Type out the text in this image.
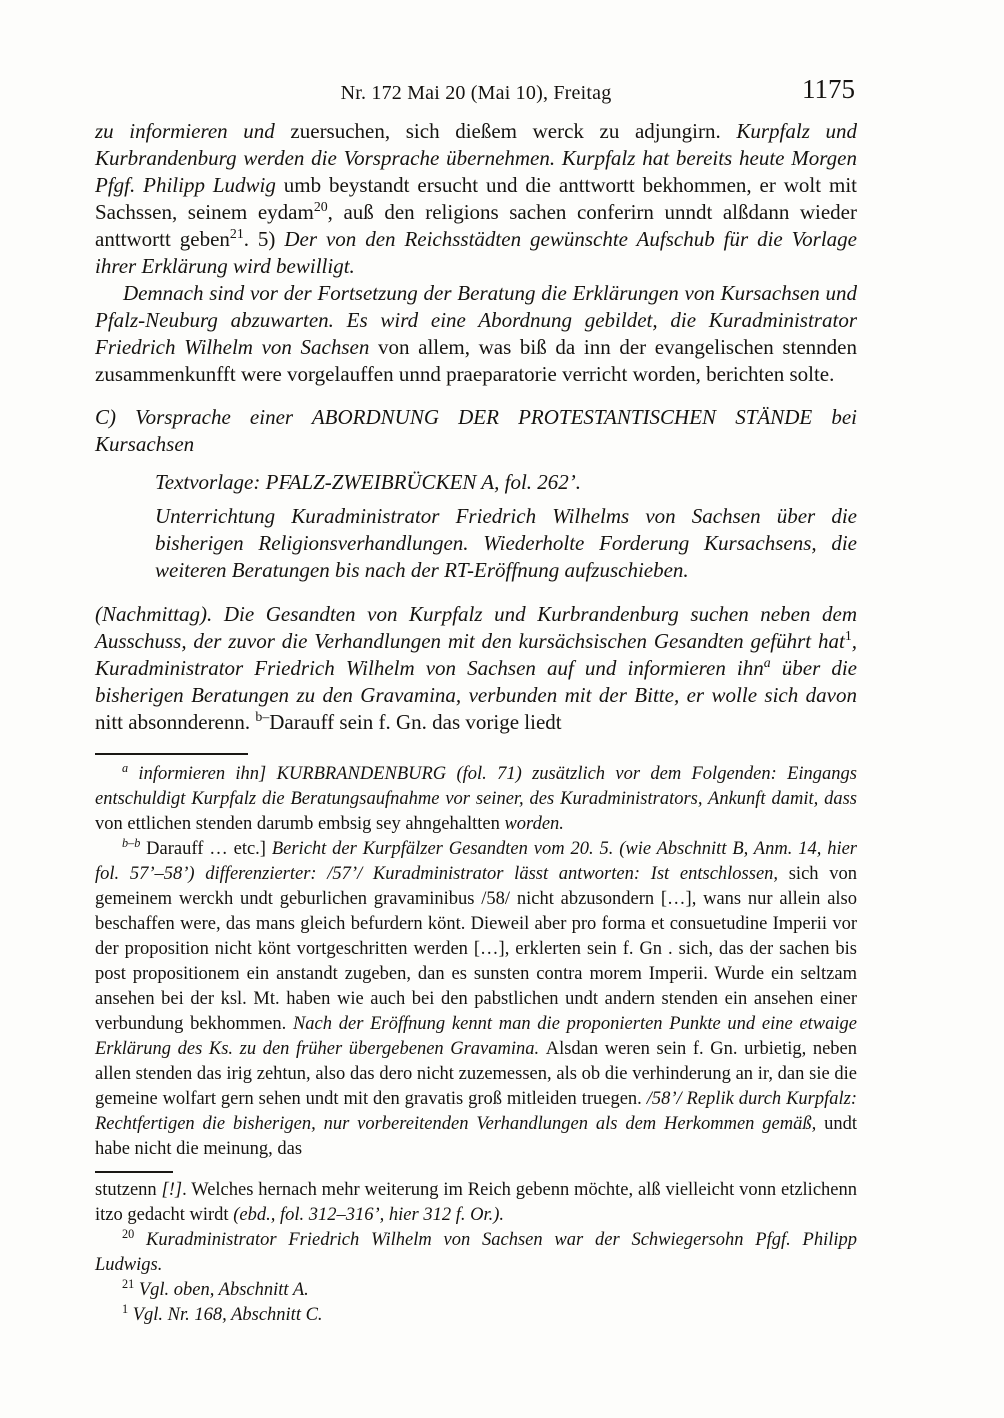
Nr. 172 Mai 20 (Mai 10), Freitag	1175

zu informieren und zuersuchen, sich dießem werck zu adjungirn. Kurpfalz und Kurbrandenburg werden die Vorsprache übernehmen. Kurpfalz hat bereits heute Morgen Pfgf. Philipp Ludwig umb beystandt ersucht und die anttwortt bekhommen, er wolt mit Sachssen, seinem eydam$^{20}$, auß den religions sachen conferirn unndt alßdann wieder anttwortt geben$^{21}$. 5) Der von den Reichsstädten gewünschte Aufschub für die Vorlage ihrer Erklärung wird bewilligt.

Demnach sind vor der Fortsetzung der Beratung die Erklärungen von Kursachsen und Pfalz-Neuburg abzuwarten. Es wird eine Abordnung gebildet, die Kuradministrator Friedrich Wilhelm von Sachsen von allem, was biß da inn der evangelischen stennden zusammenkunfft were vorgelauffen unnd praeparatorie verricht worden, berichten solte.

C) Vorsprache einer ABORDNUNG DER PROTESTANTISCHEN STÄNDE bei Kursachsen

Textvorlage: PFALZ-ZWEIBRÜCKEN A, fol. 262’.

Unterrichtung Kuradministrator Friedrich Wilhelms von Sachsen über die bisherigen Religionsverhandlungen. Wiederholte Forderung Kursachsens, die weiteren Beratungen bis nach der RT-Eröffnung aufzuschieben.

(Nachmittag). Die Gesandten von Kurpfalz und Kurbrandenburg suchen neben dem Ausschuss, der zuvor die Verhandlungen mit den kursächsischen Gesandten geführt hat$^1$, Kuradministrator Friedrich Wilhelm von Sachsen auf und informieren ihn$^a$ über die bisherigen Beratungen zu den Gravamina, verbunden mit der Bitte, er wolle sich davon nitt absonnderenn. $^{b-}$Darauff sein f. Gn. das vorige liedt

$^a$ informieren ihn] KURBRANDENBURG (fol. 71) zusätzlich vor dem Folgenden: Eingangs entschuldigt Kurpfalz die Beratungsaufnahme vor seiner, des Kuradministrators, Ankunft damit, dass von ettlichen stenden darumb embsig sey ahngehaltten worden.

$^{b-b}$ Darauff … etc.] Bericht der Kurpfälzer Gesandten vom 20. 5. (wie Abschnitt B, Anm. 14, hier fol. 57’–58’) differenzierter: /57’/ Kuradministrator lässt antworten: Ist entschlossen, sich von gemeinem werckh undt geburlichen gravaminibus /58/ nicht abzusondern […], wans nur allein also beschaffen were, das mans gleich befurdern könt. Dieweil aber pro forma et consuetudine Imperii vor der proposition nicht könt vortgeschritten werden […], erklerten sein f. Gn . sich, das der sachen bis post propositionem ein anstandt zugeben, dan es sunsten contra morem Imperii. Wurde ein seltzam ansehen bei der ksl. Mt. haben wie auch bei den pabstlichen undt andern stenden ein ansehen einer verbundung bekhommen. Nach der Eröffnung kennt man die proponierten Punkte und eine etwaige Erklärung des Ks. zu den früher übergebenen Gravamina. Alsdan weren sein f. Gn. urbietig, neben allen stenden das irig zehtun, also das dero nicht zuzemessen, als ob die verhinderung an ir, dan sie die gemeine wolfart gern sehen undt mit den gravatis groß mitleiden truegen. /58’/ Replik durch Kurpfalz: Rechtfertigen die bisherigen, nur vorbereitenden Verhandlungen als dem Herkommen gemäß, undt habe nicht die meinung, das

stutzenn [!]. Welches hernach mehr weiterung im Reich gebenn möchte, alß vielleicht vonn etzlichenn itzo gedacht wirdt (ebd., fol. 312–316’, hier 312 f. Or.).

$^{20}$ Kuradministrator Friedrich Wilhelm von Sachsen war der Schwiegersohn Pfgf. Philipp Ludwigs.

$^{21}$ Vgl. oben, Abschnitt A.

$^1$ Vgl. Nr. 168, Abschnitt C.
